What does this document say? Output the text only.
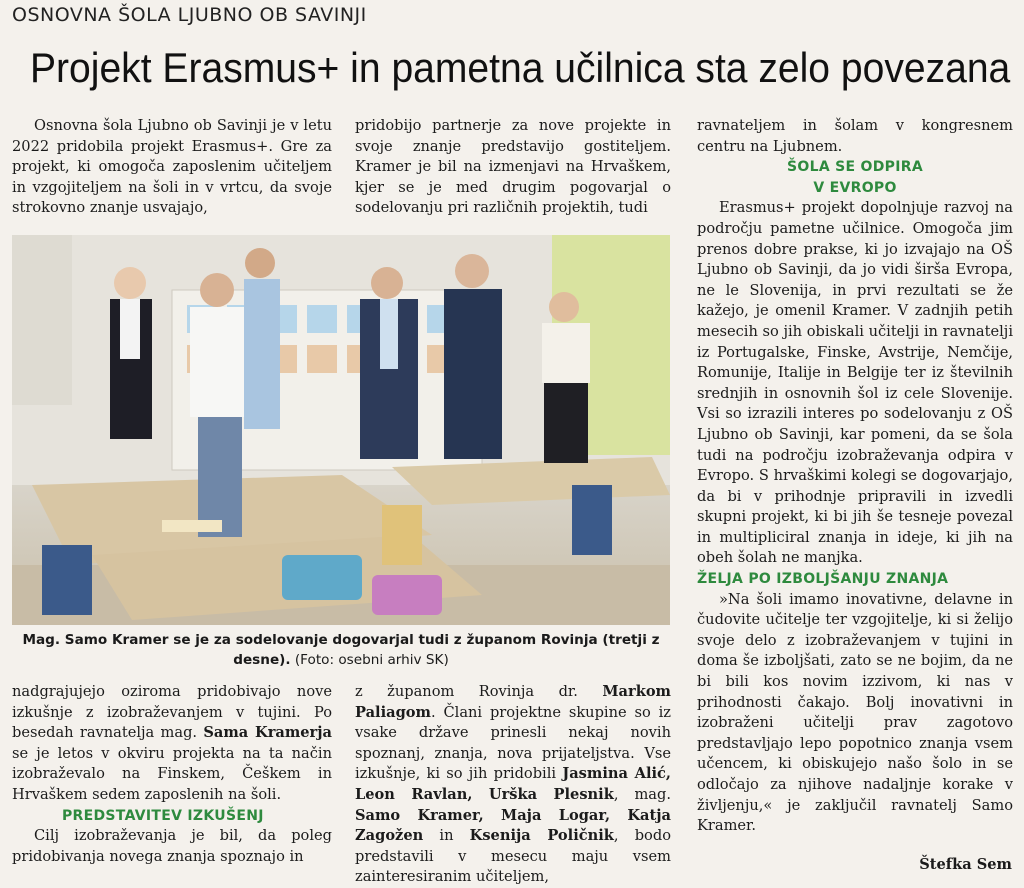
OSNOVNA ŠOLA LJUBNO OB SAVINJI
Projekt Erasmus+ in pametna učilnica sta zelo povezana

Osnovna šola Ljubno ob Savinji je v letu 2022 pridobila projekt Erasmus+. Gre za projekt, ki omogoča zaposlenim učiteljem in vzgojiteljem na šoli in v vrtcu, da svoje strokovno znanje usvajajo,

pridobijo partnerje za nove projekte in svoje znanje predstavijo gostiteljem. Kramer je bil na izmenjavi na Hrvaškem, kjer se je med drugim pogovarjal o sodelovanju pri različnih projektih, tudi

ravnateljem in šolam v kongresnem centru na Ljubnem.

ŠOLA SE ODPIRA
V EVROPO

Erasmus+ projekt dopolnjuje razvoj na področju pametne učilnice. Omogoča jim prenos dobre prakse, ki jo izvajajo na OŠ Ljubno ob Savinji, da jo vidi širša Evropa, ne le Slovenija, in prvi rezultati se že kažejo, je omenil Kramer. V zadnjih petih mesecih so jih obiskali učitelji in ravnatelji iz Portugalske, Finske, Avstrije, Nemčije, Romunije, Italije in Belgije ter iz številnih srednjih in osnovnih šol iz cele Slovenije. Vsi so izrazili interes po sodelovanju z OŠ Ljubno ob Savinji, kar pomeni, da se šola tudi na področju izobraževanja odpira v Evropo. S hrvaškimi kolegi se dogovarjajo, da bi v prihodnje pripravili in izvedli skupni projekt, ki bi jih še tesneje povezal in multipliciral znanja in ideje, ki jih na obeh šolah ne manjka.

ŽELJA PO IZBOLJŠANJU ZNANJA

»Na šoli imamo inovativne, delavne in čudovite učitelje ter vzgojitelje, ki si želijo svoje delo z izobraževanjem v tujini in doma še izboljšati, zato se ne bojim, da ne bi bili kos novim izzivom, ki nas v prihodnosti čakajo. Bolj inovativni in izobraženi učitelji prav zagotovo predstavljajo lepo popotnico znanja vsem učencem, ki obiskujejo našo šolo in se odločajo za njihove nadaljnje korake v življenju,« je zaključil ravnatelj Samo Kramer.

Mag. Samo Kramer se je za sodelovanje dogovarjal tudi z županom Rovinja (tretji z desne). (Foto: osebni arhiv SK)

nadgrajujejo oziroma pridobivajo nove izkušnje z izobraževanjem v tujini. Po besedah ravnatelja mag. Sama Kramerja se je letos v okviru projekta na ta način izobraževalo na Finskem, Češkem in Hrvaškem sedem zaposlenih na šoli.

PREDSTAVITEV IZKUŠENJ

Cilj izobraževanja je bil, da poleg pridobivanja novega znanja spoznajo in

z županom Rovinja dr. Markom Paliagom. Člani projektne skupine so iz vsake države prinesli nekaj novih spoznanj, znanja, nova prijateljstva. Vse izkušnje, ki so jih pridobili Jasmina Alić, Leon Ravlan, Urška Plesnik, mag. Samo Kramer, Maja Logar, Katja Zagožen in Ksenija Poličnik, bodo predstavili v mesecu maju vsem zainteresiranim učiteljem,

Štefka Sem
